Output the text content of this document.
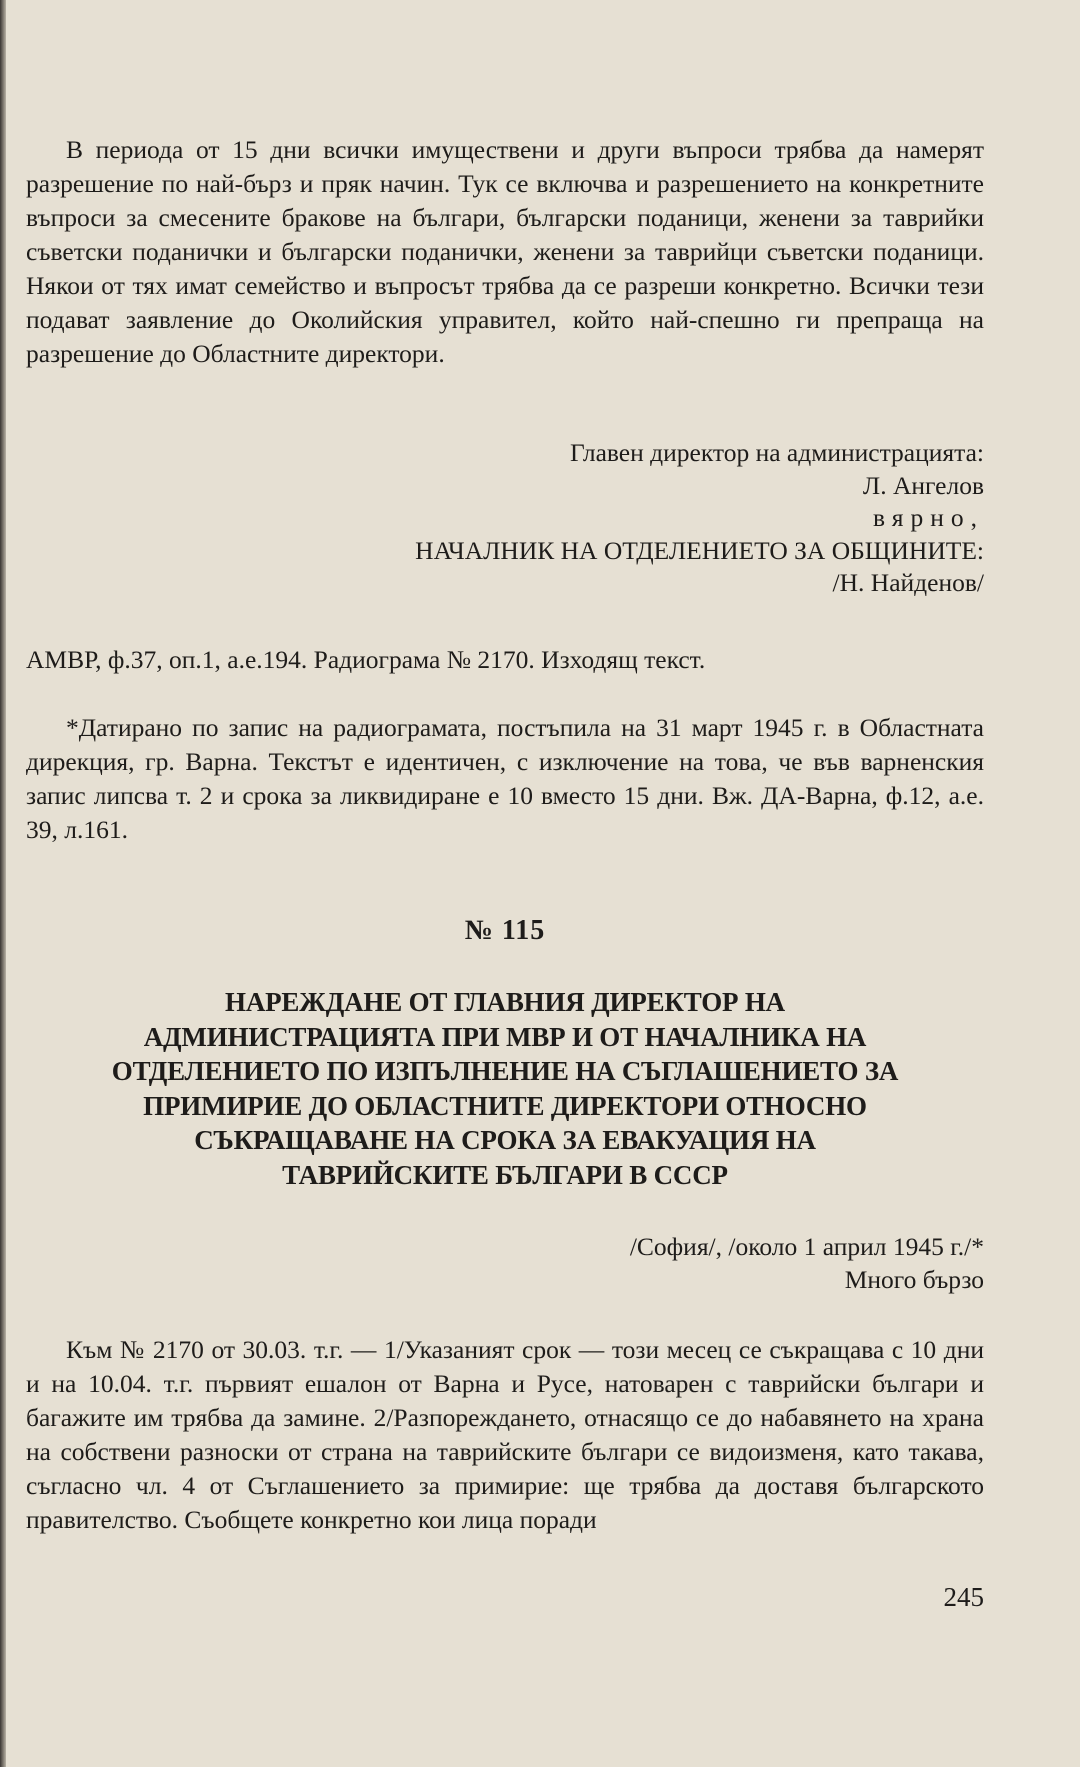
В периода от 15 дни всички имуществени и други въпроси трябва да намерят разрешение по най-бърз и пряк начин. Тук се включва и разрешението на конкретните въпроси за смесените бракове на българи, български поданици, женени за таврийки съветски поданички и български поданички, женени за таврийци съветски поданици. Някои от тях имат семейство и въпросът трябва да се разреши конкретно. Всички тези подават заявление до Околийския управител, който най-спешно ги препраща на разрешение до Областните директори.

Главен директор на администрацията:

Л. Ангелов

вярно,

НАЧАЛНИК НА ОТДЕЛЕНИЕТО ЗА ОБЩИНИТЕ:

/Н. Найденов/

АМВР, ф.37, оп.1, а.е.194. Радиограма № 2170. Изходящ текст.

*Датирано по запис на радиограмата, постъпила на 31 март 1945 г. в Областната дирекция, гр. Варна. Текстът е идентичен, с изключение на това, че във варненския запис липсва т. 2 и срока за ликвидиране е 10 вместо 15 дни. Вж. ДА-Варна, ф.12, а.е. 39, л.161.

№ 115

НАРЕЖДАНЕ ОТ ГЛАВНИЯ ДИРЕКТОР НА

АДМИНИСТРАЦИЯТА ПРИ МВР И ОТ НАЧАЛНИКА НА

ОТДЕЛЕНИЕТО ПО ИЗПЪЛНЕНИЕ НА СЪГЛАШЕНИЕТО ЗА

ПРИМИРИЕ ДО ОБЛАСТНИТЕ ДИРЕКТОРИ ОТНОСНО

СЪКРАЩАВАНЕ НА СРОКА ЗА ЕВАКУАЦИЯ НА

ТАВРИЙСКИТЕ БЪЛГАРИ В СССР

/София/, /около 1 април 1945 г./*

Много бързо

Към № 2170 от 30.03. т.г. — 1/Указаният срок — този месец се съкращава с 10 дни и на 10.04. т.г. първият ешалон от Варна и Русе, натоварен с таврийски българи и багажите им трябва да замине. 2/Разпореждането, отнасящо се до набавянето на храна на собствени разноски от страна на таврийските българи се видоизменя, като такава, съгласно чл. 4 от Съглашението за примирие: ще трябва да доставя българското правителство. Съобщете конкретно кои лица поради

245
